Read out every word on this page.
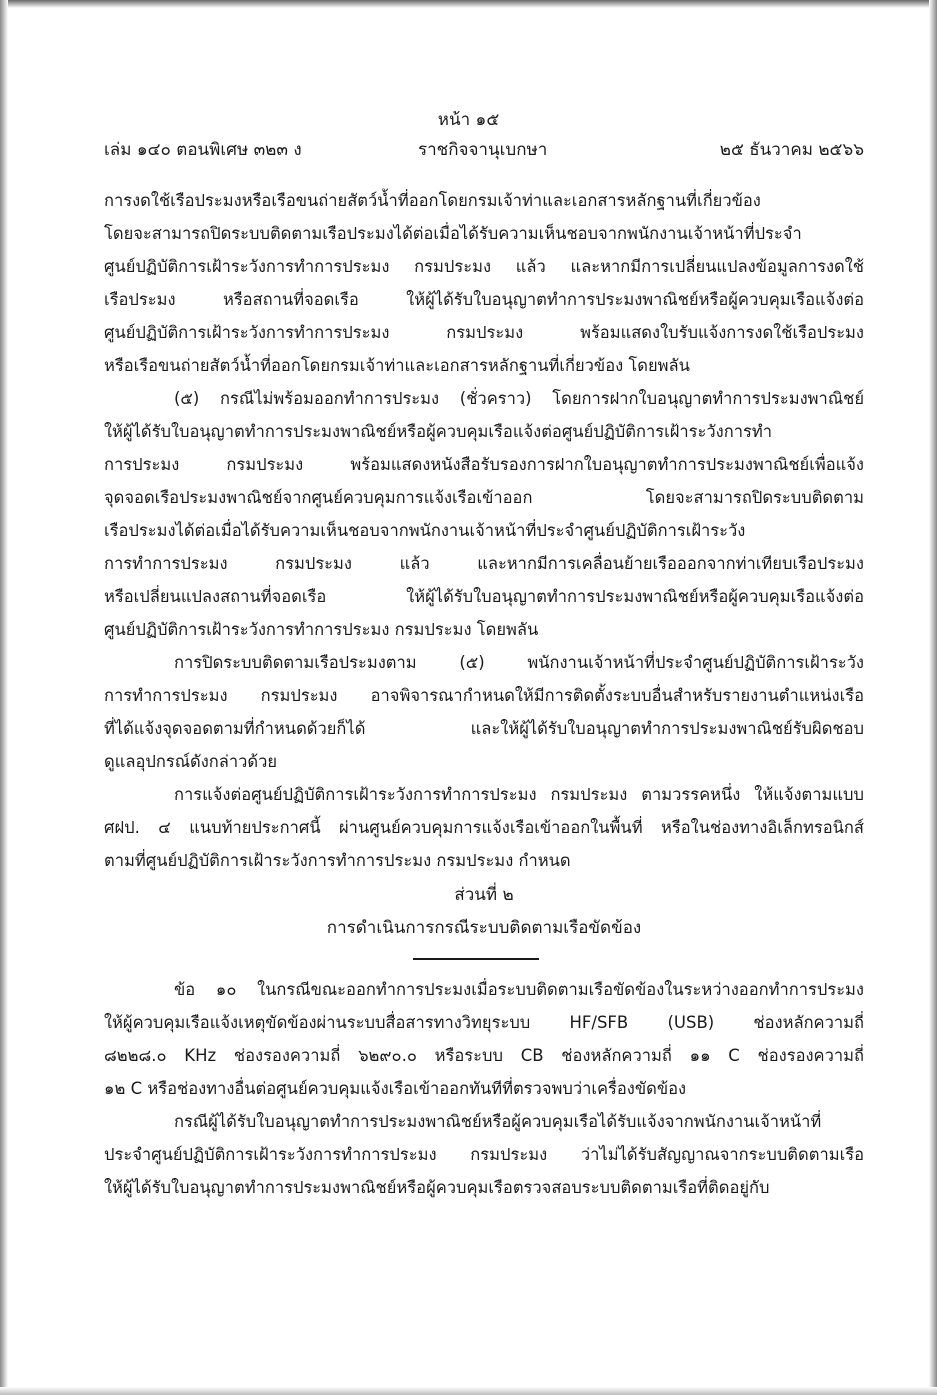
หน้า ๑๕
เล่ม ๑๔๐ ตอนพิเศษ ๓๒๓ ง	ราชกิจจานุเบกษา	๒๕ ธันวาคม ๒๕๖๖
การงดใช้เรือประมงหรือเรือขนถ่ายสัตว์น้ำที่ออกโดยกรมเจ้าท่าและเอกสารหลักฐานที่เกี่ยวข้อง
โดยจะสามารถปิดระบบติดตามเรือประมงได้ต่อเมื่อได้รับความเห็นชอบจากพนักงานเจ้าหน้าที่ประจำ
ศูนย์ปฏิบัติการเฝ้าระวังการทำการประมง กรมประมง แล้ว และหากมีการเปลี่ยนแปลงข้อมูลการงดใช้
เรือประมง หรือสถานที่จอดเรือ ให้ผู้ได้รับใบอนุญาตทำการประมงพาณิชย์หรือผู้ควบคุมเรือแจ้งต่อ
ศูนย์ปฏิบัติการเฝ้าระวังการทำการประมง กรมประมง พร้อมแสดงใบรับแจ้งการงดใช้เรือประมง
หรือเรือขนถ่ายสัตว์น้ำที่ออกโดยกรมเจ้าท่าและเอกสารหลักฐานที่เกี่ยวข้อง โดยพลัน
(๕) กรณีไม่พร้อมออกทำการประมง (ชั่วคราว) โดยการฝากใบอนุญาตทำการประมงพาณิชย์
ให้ผู้ได้รับใบอนุญาตทำการประมงพาณิชย์หรือผู้ควบคุมเรือแจ้งต่อศูนย์ปฏิบัติการเฝ้าระวังการทำ
การประมง กรมประมง พร้อมแสดงหนังสือรับรองการฝากใบอนุญาตทำการประมงพาณิชย์เพื่อแจ้ง
จุดจอดเรือประมงพาณิชย์จากศูนย์ควบคุมการแจ้งเรือเข้าออก โดยจะสามารถปิดระบบติดตาม
เรือประมงได้ต่อเมื่อได้รับความเห็นชอบจากพนักงานเจ้าหน้าที่ประจำศูนย์ปฏิบัติการเฝ้าระวัง
การทำการประมง กรมประมง แล้ว และหากมีการเคลื่อนย้ายเรือออกจากท่าเทียบเรือประมง
หรือเปลี่ยนแปลงสถานที่จอดเรือ ให้ผู้ได้รับใบอนุญาตทำการประมงพาณิชย์หรือผู้ควบคุมเรือแจ้งต่อ
ศูนย์ปฏิบัติการเฝ้าระวังการทำการประมง กรมประมง โดยพลัน
การปิดระบบติดตามเรือประมงตาม (๕) พนักงานเจ้าหน้าที่ประจำศูนย์ปฏิบัติการเฝ้าระวัง
การทำการประมง กรมประมง อาจพิจารณากำหนดให้มีการติดตั้งระบบอื่นสำหรับรายงานตำแหน่งเรือ
ที่ได้แจ้งจุดจอดตามที่กำหนดด้วยก็ได้ และให้ผู้ได้รับใบอนุญาตทำการประมงพาณิชย์รับผิดชอบ
ดูแลอุปกรณ์ดังกล่าวด้วย
การแจ้งต่อศูนย์ปฏิบัติการเฝ้าระวังการทำการประมง กรมประมง ตามวรรคหนึ่ง ให้แจ้งตามแบบ
ศฝป. ๔ แนบท้ายประกาศนี้ ผ่านศูนย์ควบคุมการแจ้งเรือเข้าออกในพื้นที่ หรือในช่องทางอิเล็กทรอนิกส์
ตามที่ศูนย์ปฏิบัติการเฝ้าระวังการทำการประมง กรมประมง กำหนด
ส่วนที่ ๒
การดำเนินการกรณีระบบติดตามเรือขัดข้อง
ข้อ ๑๐ ในกรณีขณะออกทำการประมงเมื่อระบบติดตามเรือขัดข้องในระหว่างออกทำการประมง
ให้ผู้ควบคุมเรือแจ้งเหตุขัดข้องผ่านระบบสื่อสารทางวิทยุระบบ HF/SFB (USB) ช่องหลักความถี่
๘๒๒๘.๐ KHz ช่องรองความถี่ ๖๒๙๐.๐ หรือระบบ CB ช่องหลักความถี่ ๑๑ C ช่องรองความถี่
๑๒ C หรือช่องทางอื่นต่อศูนย์ควบคุมแจ้งเรือเข้าออกทันทีที่ตรวจพบว่าเครื่องขัดข้อง
กรณีผู้ได้รับใบอนุญาตทำการประมงพาณิชย์หรือผู้ควบคุมเรือได้รับแจ้งจากพนักงานเจ้าหน้าที่
ประจำศูนย์ปฏิบัติการเฝ้าระวังการทำการประมง กรมประมง ว่าไม่ได้รับสัญญาณจากระบบติดตามเรือ
ให้ผู้ได้รับใบอนุญาตทำการประมงพาณิชย์หรือผู้ควบคุมเรือตรวจสอบระบบติดตามเรือที่ติดอยู่กับ
